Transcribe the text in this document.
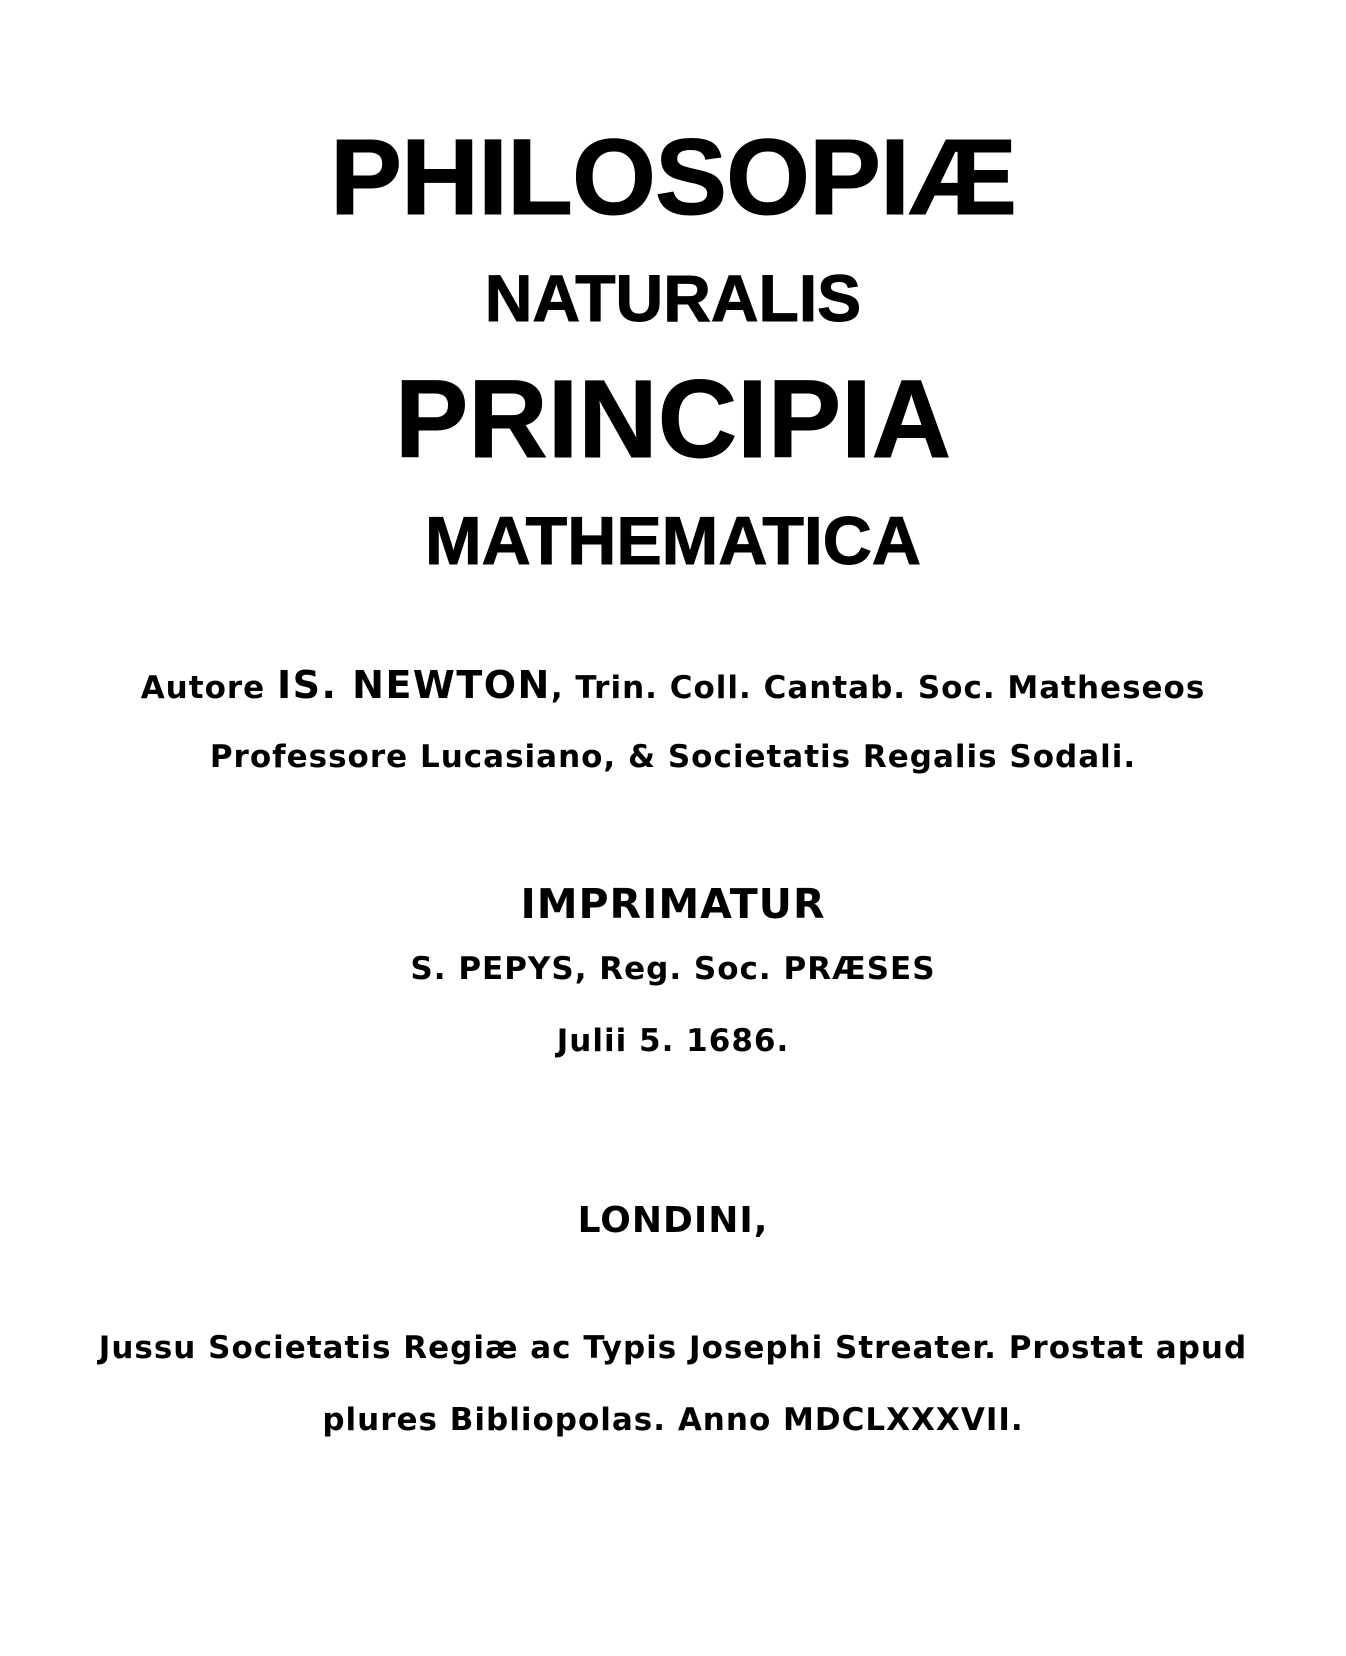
PHILOSOPIÆ
NATURALIS
PRINCIPIA
MATHEMATICA

Autore IS. NEWTON, Trin. Coll. Cantab. Soc. Matheseos

Professore Lucasiano, & Societatis Regalis Sodali.

IMPRIMATUR

S. PEPYS, Reg. Soc. PRÆSES

Julii 5. 1686.

LONDINI,

Jussu Societatis Regiæ ac Typis Josephi Streater. Prostat apud

plures Bibliopolas. Anno MDCLXXXVII.
